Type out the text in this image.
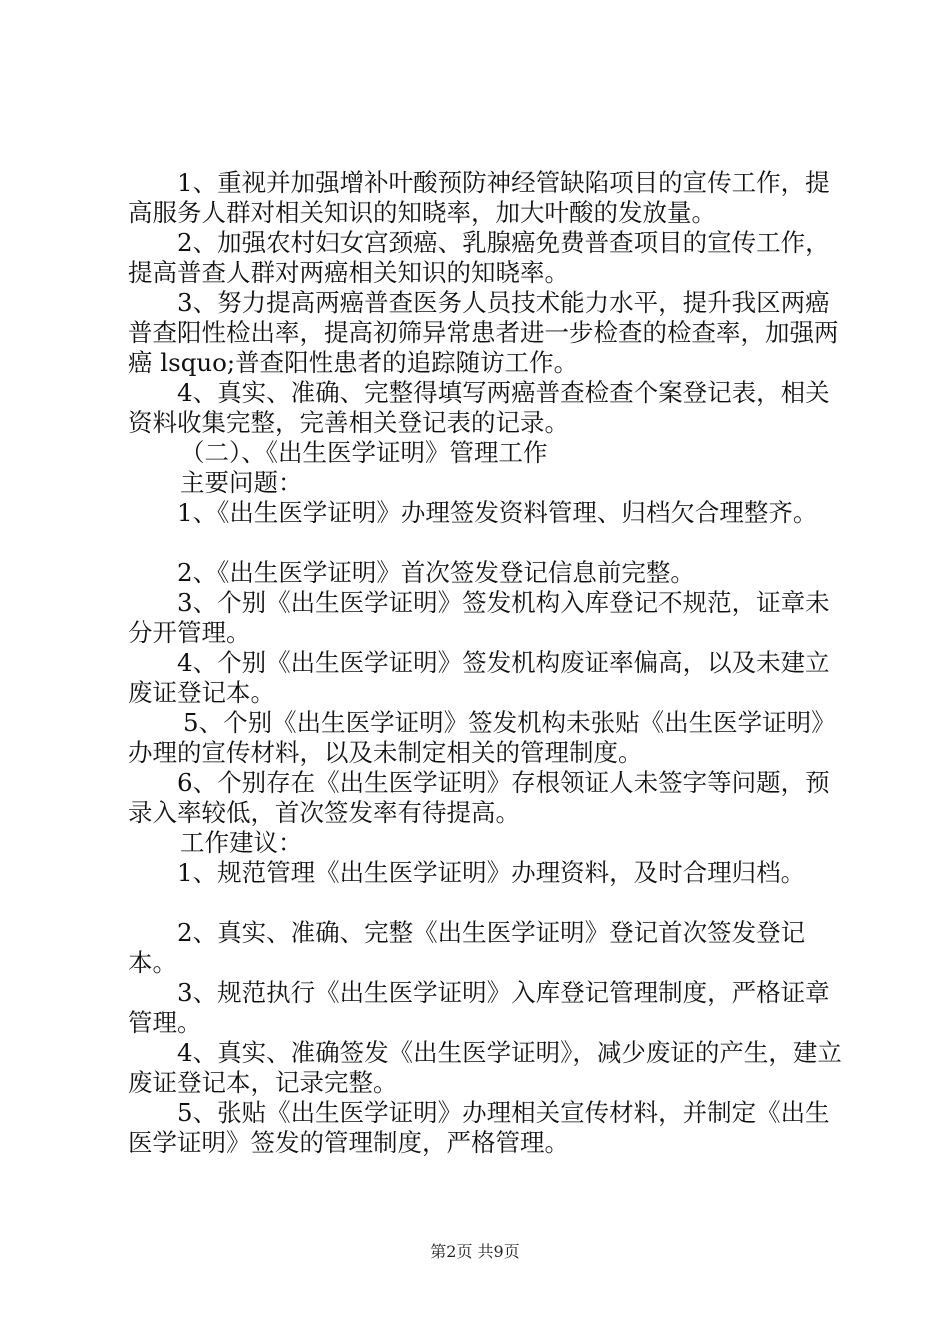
1、重视并加强增补叶酸预防神经管缺陷项目的宣传工作，提高服务人群对相关知识的知晓率，加大叶酸的发放量。

2、加强农村妇女宫颈癌、乳腺癌免费普查项目的宣传工作，提高普查人群对两癌相关知识的知晓率。

3、努力提高两癌普查医务人员技术能力水平，提升我区两癌普查阳性检出率，提高初筛异常患者进一步检查的检查率，加强两癌 lsquo;普查阳性患者的追踪随访工作。

4、真实、准确、完整得填写两癌普查检查个案登记表，相关资料收集完整，完善相关登记表的记录。

（二）、《出生医学证明》管理工作

主要问题：

1、《出生医学证明》办理签发资料管理、归档欠合理整齐。

2、《出生医学证明》首次签发登记信息前完整。

3、个别《出生医学证明》签发机构入库登记不规范，证章未分开管理。

4、个别《出生医学证明》签发机构废证率偏高，以及未建立废证登记本。

5、个别《出生医学证明》签发机构未张贴《出生医学证明》办理的宣传材料，以及未制定相关的管理制度。

6、个别存在《出生医学证明》存根领证人未签字等问题，预录入率较低，首次签发率有待提高。

工作建议：

1、规范管理《出生医学证明》办理资料，及时合理归档。

2、真实、准确、完整《出生医学证明》登记首次签发登记本。

3、规范执行《出生医学证明》入库登记管理制度，严格证章管理。

4、真实、准确签发《出生医学证明》，减少废证的产生，建立废证登记本，记录完整。

5、张贴《出生医学证明》办理相关宣传材料，并制定《出生医学证明》签发的管理制度，严格管理。

第2页 共9页
